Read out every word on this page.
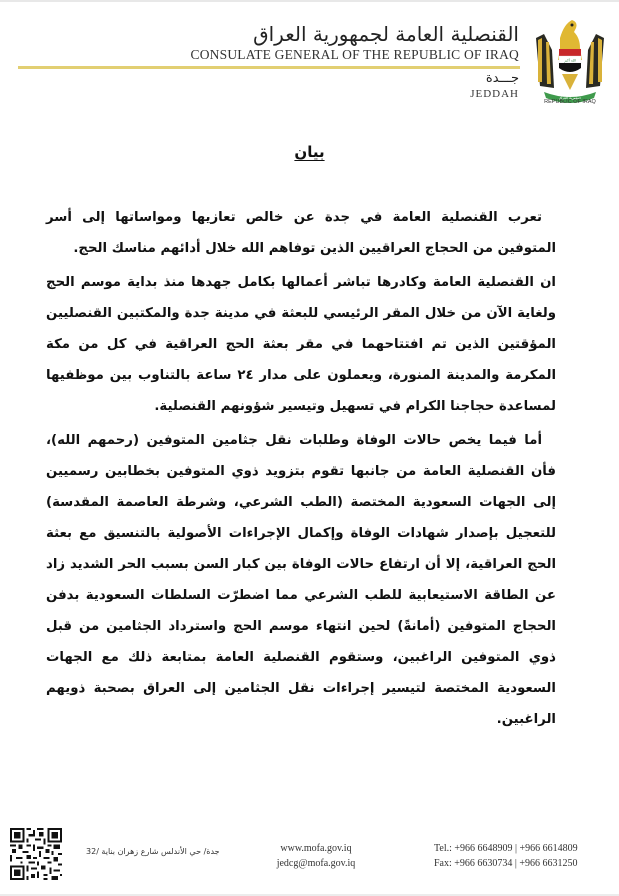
القنصلية العامة لجمهورية العراق
CONSULATE GENERAL OF THE REPUBLIC OF IRAQ
جـــدة
JEDDAH
الله أكبر
جمهورية العراق
REPUBLIC OF IRAQ
بيان

تعرب القنصلية العامة في جدة عن خالص تعازيها ومواساتها إلى أسر المتوفين من الحجاج العراقيين الذين توفاهم الله خلال أدائهم مناسك الحج.

ان القنصلية العامة وكادرها تباشر أعمالها بكامل جهدها منذ بداية موسم الحج ولغاية الآن من خلال المقر الرئيسي للبعثة في مدينة جدة والمكتبين القنصليين المؤقتين الذين تم افتتاحهما في مقر بعثة الحج العراقية في كل من مكة المكرمة والمدينة المنورة، ويعملون على مدار ٢٤ ساعة بالتناوب بين موظفيها لمساعدة حجاجنا الكرام في تسهيل وتيسير شؤونهم القنصلية.

أما فيما يخص حالات الوفاة وطلبات نقل جثامين المتوفين (رحمهم الله)، فأن القنصلية العامة من جانبها تقوم بتزويد ذوي المتوفين بخطابين رسميين إلى الجهات السعودية المختصة (الطب الشرعي، وشرطة العاصمة المقدسة) للتعجيل بإصدار شهادات الوفاة وإكمال الإجراءات الأصولية بالتنسيق مع بعثة الحج العراقية، إلا أن ارتفاع حالات الوفاة بين كبار السن بسبب الحر الشديد زاد عن الطاقة الاستيعابية للطب الشرعي مما اضطرّت السلطات السعودية بدفن الحجاج المتوفين (أمانةً) لحين انتهاء موسم الحج واسترداد الجثامين من قبل ذوي المتوفين الراغبين، وستقوم القنصلية العامة بمتابعة ذلك مع الجهات السعودية المختصة لتيسير إجراءات نقل الجثامين إلى العراق بصحبة ذويهم الراغبين.

جدة/ حي الأندلس شارع زهران بناية /32	www.mofa.gov.iq
jedcg@mofa.gov.iq
Tel.: +966 6648909 | +966 6614809
Fax: +966 6630734 | +966 6631250
